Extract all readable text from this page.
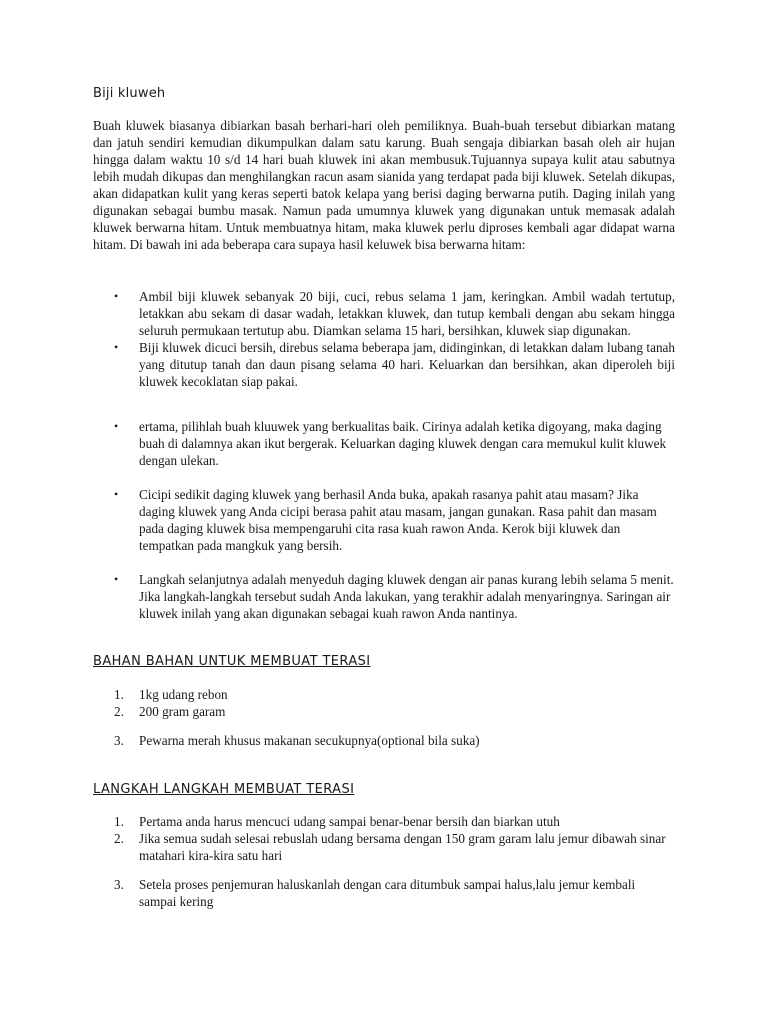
Biji kluweh

Buah kluwek biasanya dibiarkan basah berhari-hari oleh pemiliknya. Buah-buah tersebut dibiarkan matang dan jatuh sendiri kemudian dikumpulkan dalam satu karung. Buah sengaja dibiarkan basah oleh air hujan hingga dalam waktu 10 s/d 14 hari buah kluwek ini akan membusuk.Tujuannya supaya kulit atau sabutnya lebih mudah dikupas dan menghilangkan racun asam sianida yang terdapat pada biji kluwek. Setelah dikupas, akan didapatkan kulit yang keras seperti batok kelapa yang berisi daging berwarna putih. Daging inilah yang digunakan sebagai bumbu masak. Namun pada umumnya kluwek yang digunakan untuk memasak adalah kluwek berwarna hitam. Untuk membuatnya hitam, maka kluwek perlu diproses kembali agar didapat warna hitam. Di bawah ini ada beberapa cara supaya hasil keluwek bisa berwarna hitam:

• Ambil biji kluwek sebanyak 20 biji, cuci, rebus selama 1 jam, keringkan. Ambil wadah tertutup, letakkan abu sekam di dasar wadah, letakkan kluwek, dan tutup kembali dengan abu sekam hingga seluruh permukaan tertutup abu. Diamkan selama 15 hari, bersihkan, kluwek siap digunakan.
• Biji kluwek dicuci bersih, direbus selama beberapa jam, didinginkan, di letakkan dalam lubang tanah yang ditutup tanah dan daun pisang selama 40 hari. Keluarkan dan bersihkan, akan diperoleh biji kluwek kecoklatan siap pakai.
• ertama, pilihlah buah kluuwek yang berkualitas baik. Cirinya adalah ketika digoyang, maka daging buah di dalamnya akan ikut bergerak. Keluarkan daging kluwek dengan cara memukul kulit kluwek dengan ulekan.
• Cicipi sedikit daging kluwek yang berhasil Anda buka, apakah rasanya pahit atau masam? Jika daging kluwek yang Anda cicipi berasa pahit atau masam, jangan gunakan. Rasa pahit dan masam pada daging kluwek bisa mempengaruhi cita rasa kuah rawon Anda. Kerok biji kluwek dan tempatkan pada mangkuk yang bersih.
• Langkah selanjutnya adalah menyeduh daging kluwek dengan air panas kurang lebih selama 5 menit. Jika langkah-langkah tersebut sudah Anda lakukan, yang terakhir adalah menyaringnya. Saringan air kluwek inilah yang akan digunakan sebagai kuah rawon Anda nantinya.
BAHAN BAHAN UNTUK MEMBUAT TERASI
1. 1kg udang rebon
2. 200 gram garam
3. Pewarna merah khusus makanan secukupnya(optional bila suka)
LANGKAH LANGKAH MEMBUAT TERASI
1. Pertama anda harus mencuci udang sampai benar-benar bersih dan biarkan utuh
2. Jika semua sudah selesai rebuslah udang bersama dengan 150 gram garam lalu jemur dibawah sinar matahari kira-kira satu hari
3. Setela proses penjemuran haluskanlah dengan cara ditumbuk sampai halus,lalu jemur kembali sampai kering
